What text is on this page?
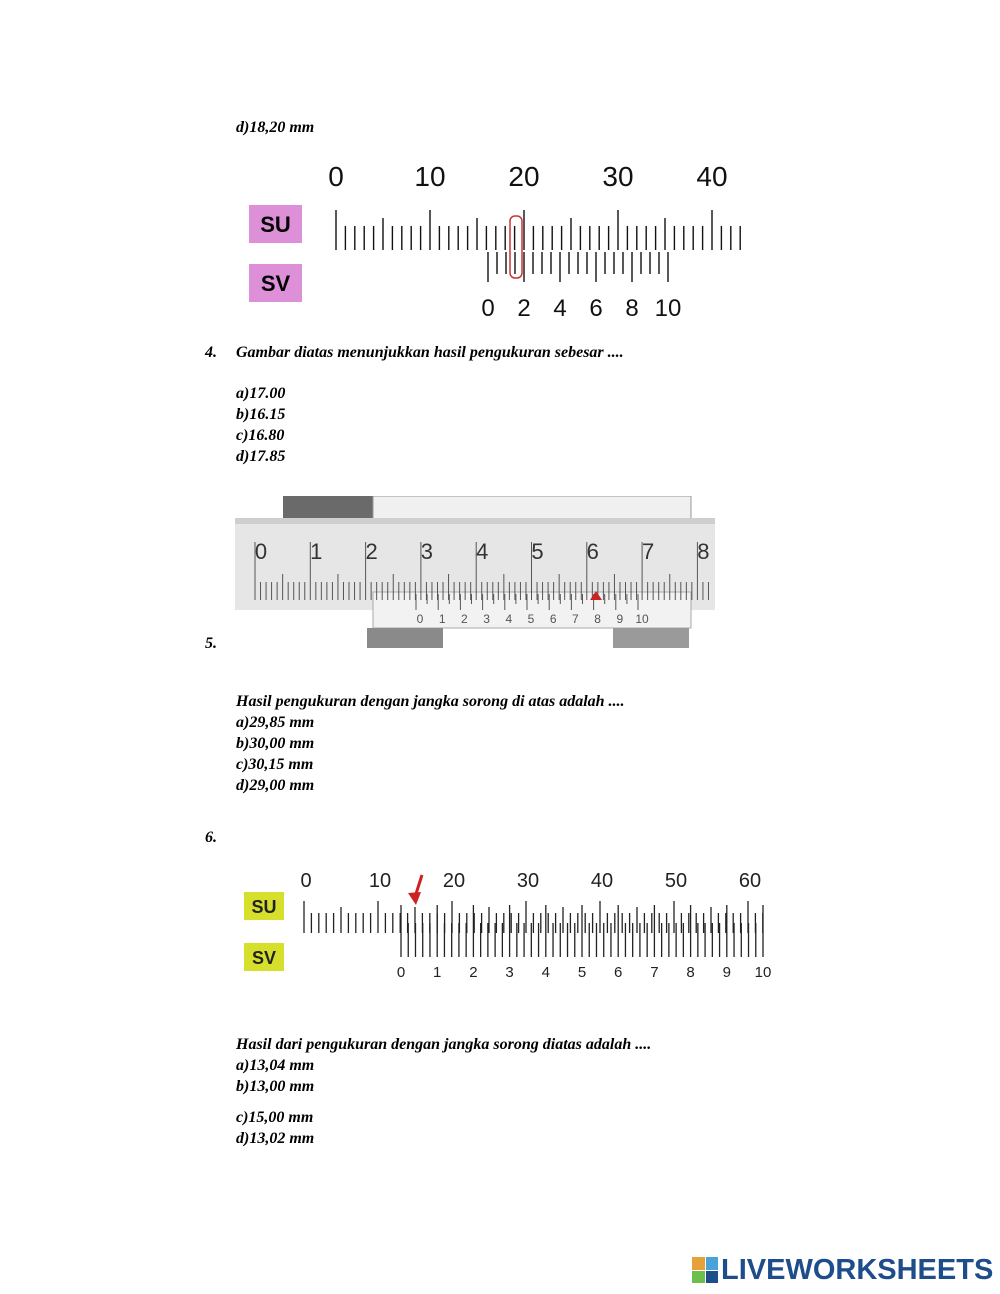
d)18,20 mm
SU
SV
0	10 20 30 40
0 2 4 6 8 10
4. Gambar diatas menunjukkan hasil pengukuran sebesar ....
a)17.00
b)16.15
c)16.80
d)17.85
0 1 2 3 4 5 6 7 8
0 1 2 3 4 5 6 7 8 9 10
5.
Hasil pengukuran dengan jangka sorong di atas adalah ....
a)29,85 mm
b)30,00 mm
c)30,15 mm
d)29,00 mm
6.
SU
SV
0	10	20	30	40	50	60
0 1 2 3 4 5 6 7 8 9 10
Hasil dari pengukuran dengan jangka sorong diatas adalah ....
a)13,04 mm
b)13,00 mm
c)15,00 mm
d)13,02 mm
LIVEWORKSHEETS
